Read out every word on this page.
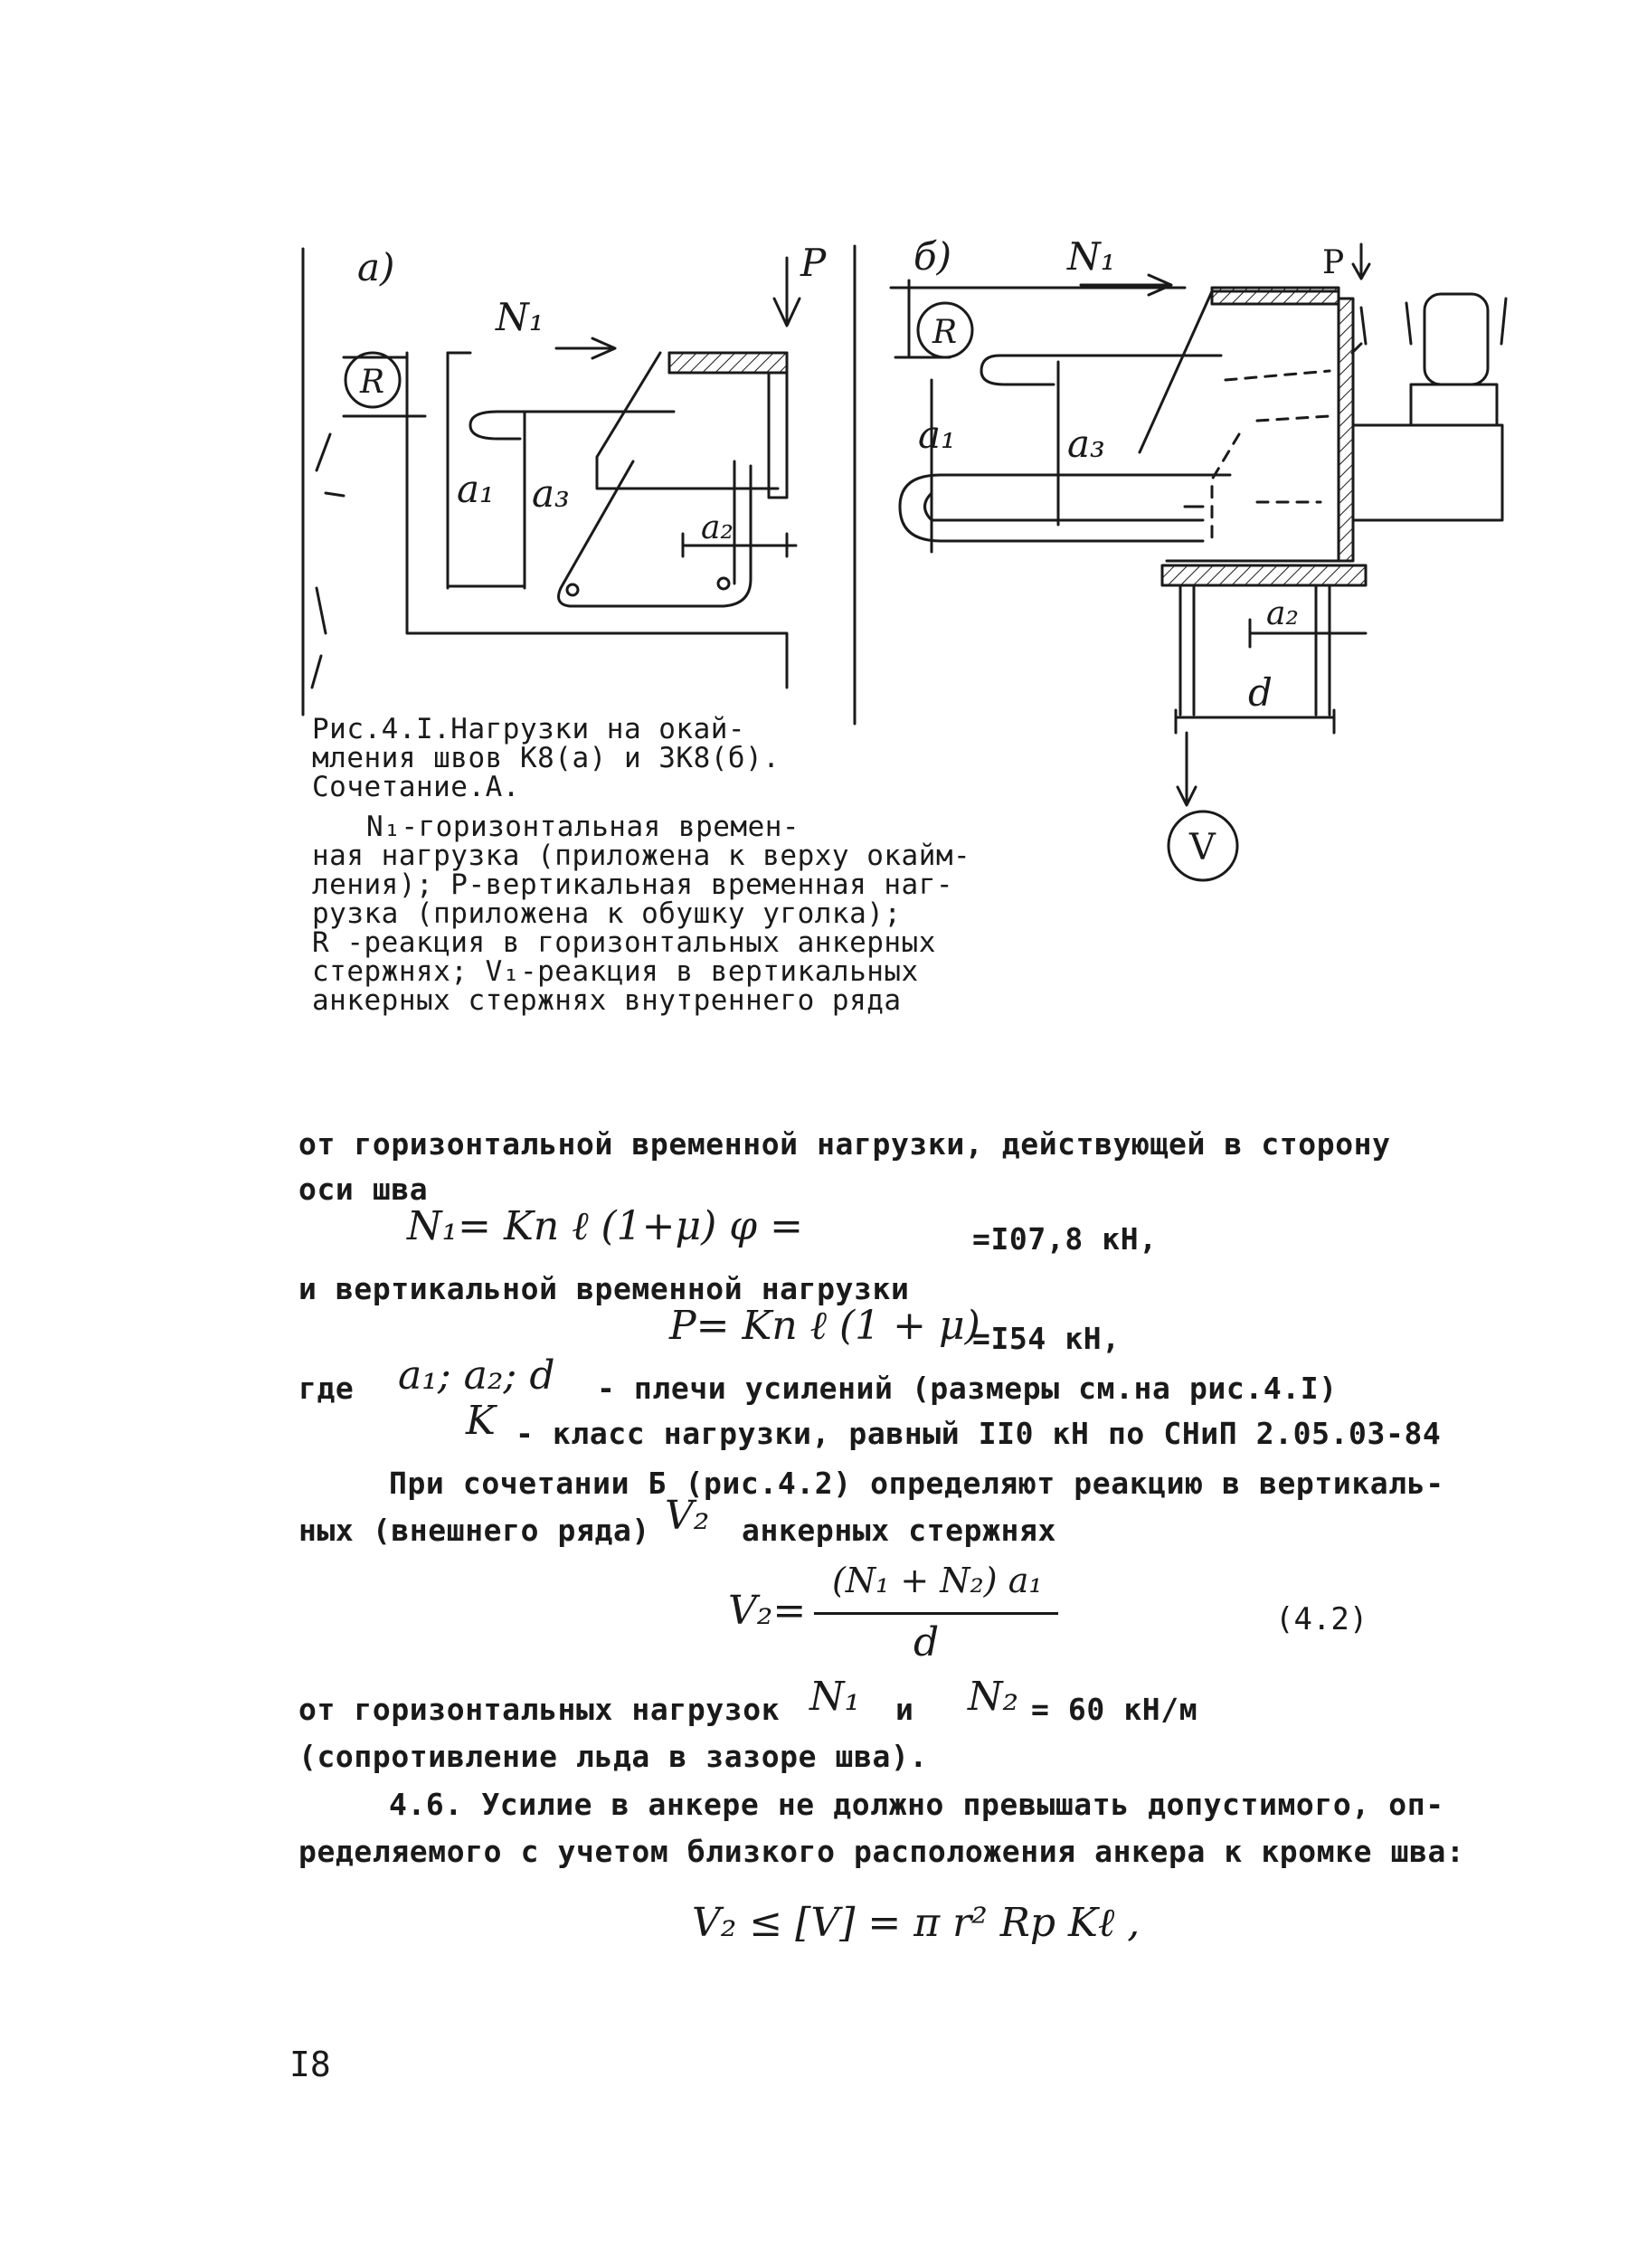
а)	б)
N₁
N₁
P	P
R
R
a₁ a₃
a₂
a₁	a₃
a₂
d
V
Рис.4.I.Нагрузки на окай-
мления швов К8(а) и ЗК8(б).
Сочетание.А.
N₁-горизонтальная времен-
ная нагрузка (приложена к верху окайм-
ления); P-вертикальная временная наг-
рузка (приложена к обушку уголка);
R -реакция в горизонтальных анкерных
стержнях; V₁-реакция в вертикальных
анкерных стержнях внутреннего ряда
от горизонтальной временной нагрузки, действующей в сторону
оси шва
N₁= Kn ℓ (1+μ) φ =	=I07,8 кН,
и вертикальной временной нагрузки
P= Kn ℓ (1 + μ)
=I54 кН,
где a₁; a₂; d - плечи усилений (размеры см.на рис.4.I)
K - класс нагрузки, равный II0 кН по СНиП 2.05.03-84
При сочетании Б (рис.4.2) определяют реакцию в вертикаль-
ных (внешнего ряда) V₂ анкерных стержнях
V₂=
(N₁ + N₂) a₁
d	(4.2)
от горизонтальных нагрузок N₁ и N₂ = 60 кН/м
(сопротивление льда в зазоре шва).
4.6. Усилие в анкере не должно превышать допустимого, оп-
ределяемого с учетом близкого расположения анкера к кромке шва:
V₂ ≤ [V] = π r² Rp Kℓ ,
I8
